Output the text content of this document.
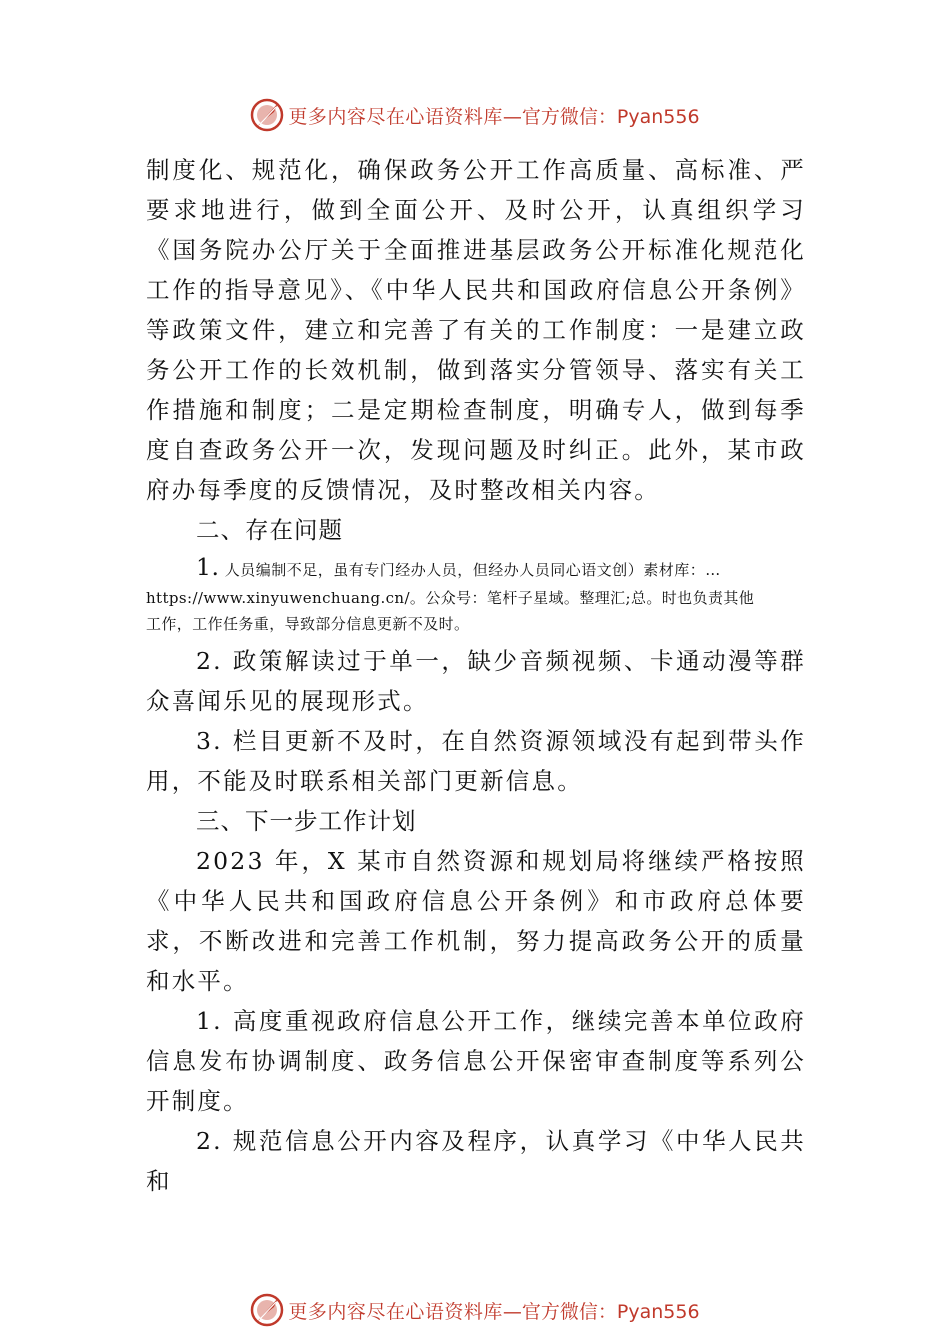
更多内容尽在心语资料库 —官方微信：Pyan556

制度化、规范化，确保政务公开工作高质量、高标准、严要求地进行，做到全面公开、及时公开，认真组织学习《国务院办公厅关于全面推进基层政务公开标准化规范化工作的指导意见》、《中华人民共和国政府信息公开条例》等政策文件，建立和完善了有关的工作制度：一是建立政务公开工作的长效机制，做到落实分管领导、落实有关工作措施和制度；二是定期检查制度，明确专人，做到每季度自查政务公开一次，发现问题及时纠正。此外，某市政府办每季度的反馈情况，及时整改相关内容。

二、存在问题
1. 人员编制不足，虽有专门经办人员，但经办人员同心语文创）素材库：…
https://www.xinyuwenchuang.cn/。公众号：笔杆子星域。整理汇;总。时也负责其他
工作，工作任务重，导致部分信息更新不及时。

2. 政策解读过于单一，缺少音频视频、卡通动漫等群众喜闻乐见的展现形式。

3. 栏目更新不及时，在自然资源领域没有起到带头作用，不能及时联系相关部门更新信息。

三、下一步工作计划

2023 年，X 某市自然资源和规划局将继续严格按照《中华人民共和国政府信息公开条例》和市政府总体要求，不断改进和完善工作机制，努力提高政务公开的质量和水平。

1. 高度重视政府信息公开工作，继续完善本单位政府信息发布协调制度、政务信息公开保密审查制度等系列公开制度。

2. 规范信息公开内容及程序，认真学习《中华人民共和

更多内容尽在心语资料库 —官方微信：Pyan556
